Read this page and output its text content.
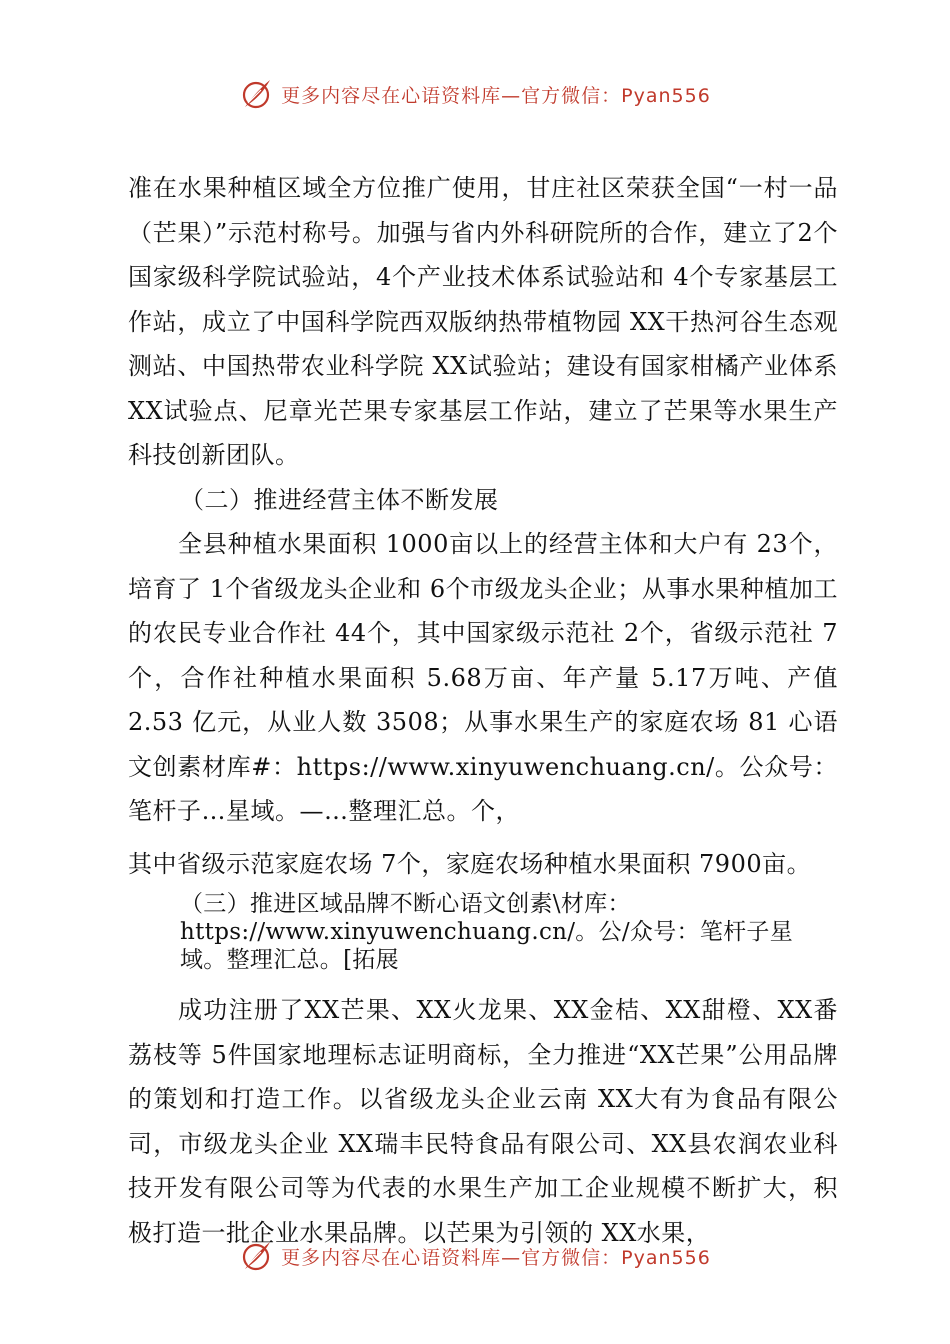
更多内容尽在心语资料库—官方微信：Pyan556

准在水果种植区域全方位推广使用，甘庄社区荣获全国“一村一品（芒果）”示范村称号。加强与省内外科研院所的合作，建立了2个国家级科学院试验站，4个产业技术体系试验站和 4个专家基层工作站，成立了中国科学院西双版纳热带植物园 XX干热河谷生态观测站、中国热带农业科学院 XX试验站；建设有国家柑橘产业体系XX试验点、尼章光芒果专家基层工作站，建立了芒果等水果生产科技创新团队。

（二）推进经营主体不断发展

全县种植水果面积 1000亩以上的经营主体和大户有 23个，培育了 1个省级龙头企业和 6个市级龙头企业；从事水果种植加工的农民专业合作社 44个，其中国家级示范社 2个，省级示范社 7个，合作社种植水果面积 5.68万亩、年产量 5.17万吨、产值 2.53 亿元，从业人数 3508；从事水果生产的家庭农场 81 心语文创素材库#：https://www.xinyuwenchuang.cn/。公众号：笔杆子…星域。—…整理汇总。个，

其中省级示范家庭农场 7个，家庭农场种植水果面积 7900亩。

（三）推进区域品牌不断心语文创素\材库：https://www.xinyuwenchuang.cn/。公/众号：笔杆子星域。整理汇总。[拓展

成功注册了XX芒果、XX火龙果、XX金桔、XX甜橙、XX番荔枝等 5件国家地理标志证明商标，全力推进“XX芒果”公用品牌的策划和打造工作。以省级龙头企业云南 XX大有为食品有限公司，市级龙头企业 XX瑞丰民特食品有限公司、XX县农润农业科技开发有限公司等为代表的水果生产加工企业规模不断扩大，积极打造一批企业水果品牌。以芒果为引领的 XX水果，

更多内容尽在心语资料库—官方微信：Pyan556
